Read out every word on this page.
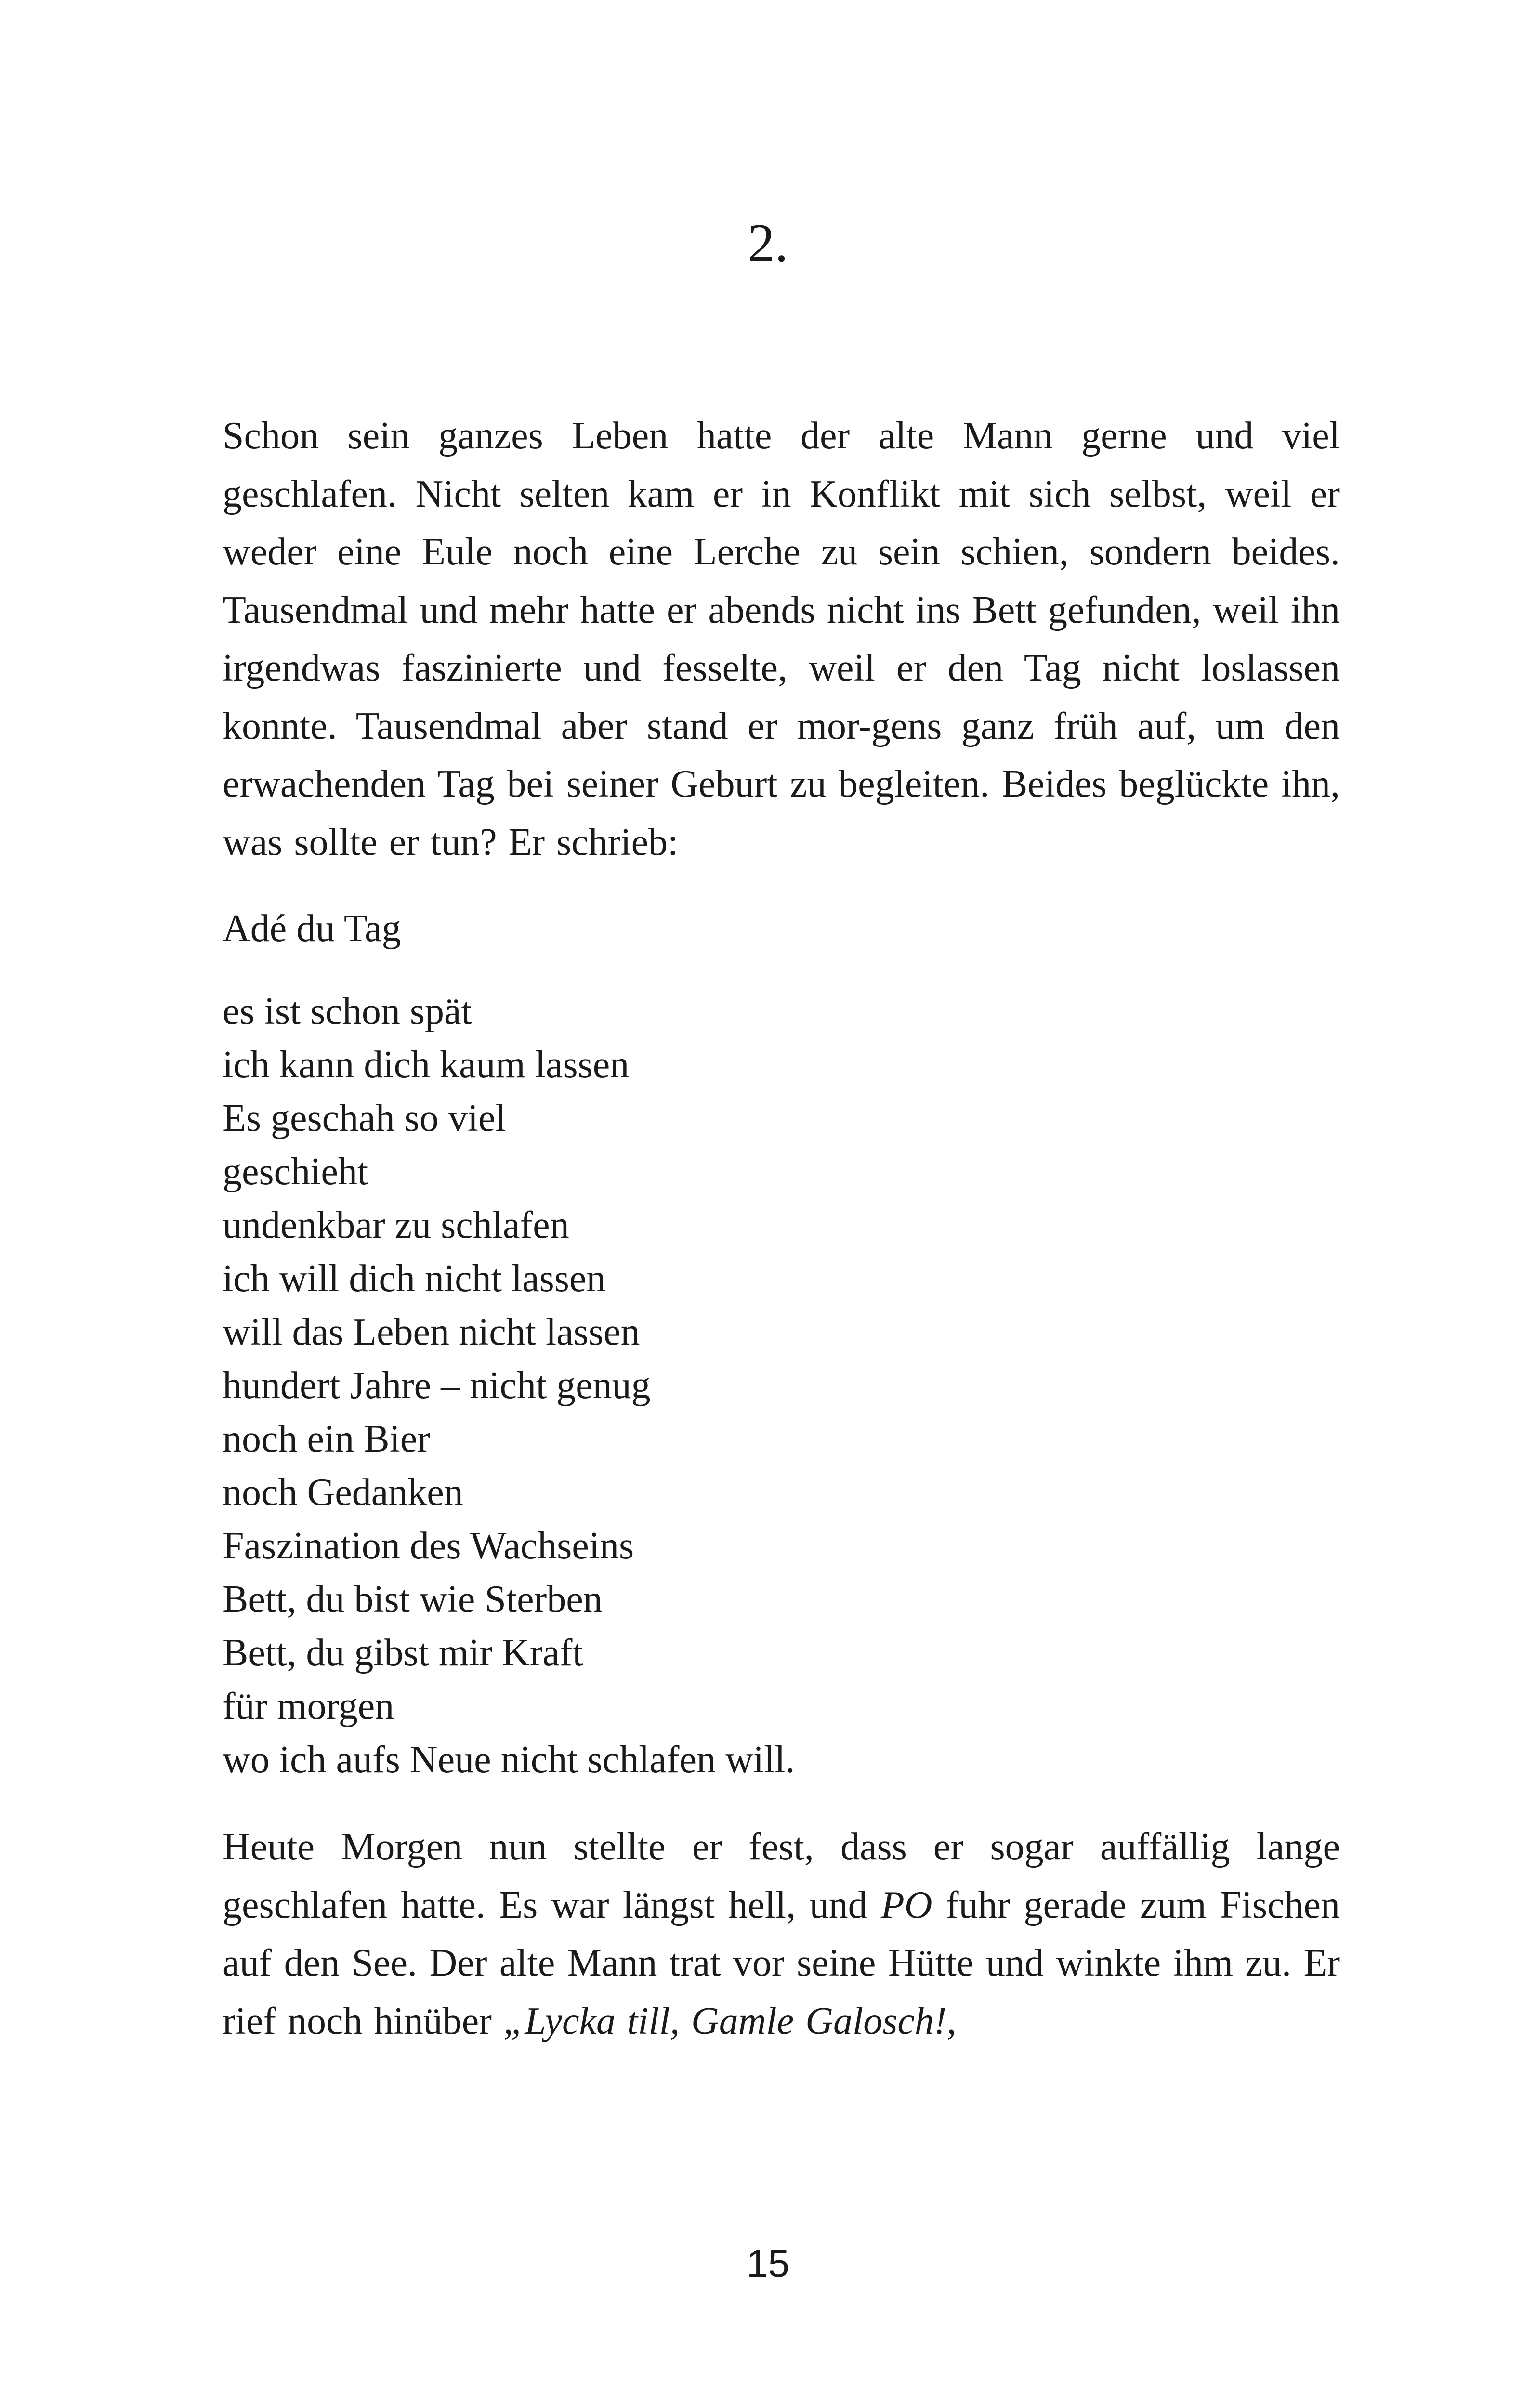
2.

Schon sein ganzes Leben hatte der alte Mann gerne und viel geschlafen. Nicht selten kam er in Konflikt mit sich selbst, weil er weder eine Eule noch eine Lerche zu sein schien, sondern beides. Tausendmal und mehr hatte er abends nicht ins Bett gefunden, weil ihn irgendwas faszinierte und fesselte, weil er den Tag nicht loslassen konnte. Tausendmal aber stand er mor-gens ganz früh auf, um den erwachenden Tag bei seiner Geburt zu begleiten. Beides beglückte ihn, was sollte er tun? Er schrieb:

Adé du Tag
es ist schon spät
ich kann dich kaum lassen
Es geschah so viel
geschieht
undenkbar zu schlafen
ich will dich nicht lassen
will das Leben nicht lassen
hundert Jahre – nicht genug
noch ein Bier
noch Gedanken
Faszination des Wachseins
Bett, du bist wie Sterben
Bett, du gibst mir Kraft
für morgen
wo ich aufs Neue nicht schlafen will.

Heute Morgen nun stellte er fest, dass er sogar auffällig lange geschlafen hatte. Es war längst hell, und PO fuhr gerade zum Fischen auf den See. Der alte Mann trat vor seine Hütte und winkte ihm zu. Er rief noch hinüber „Lycka till, Gamle Galosch!,

15
